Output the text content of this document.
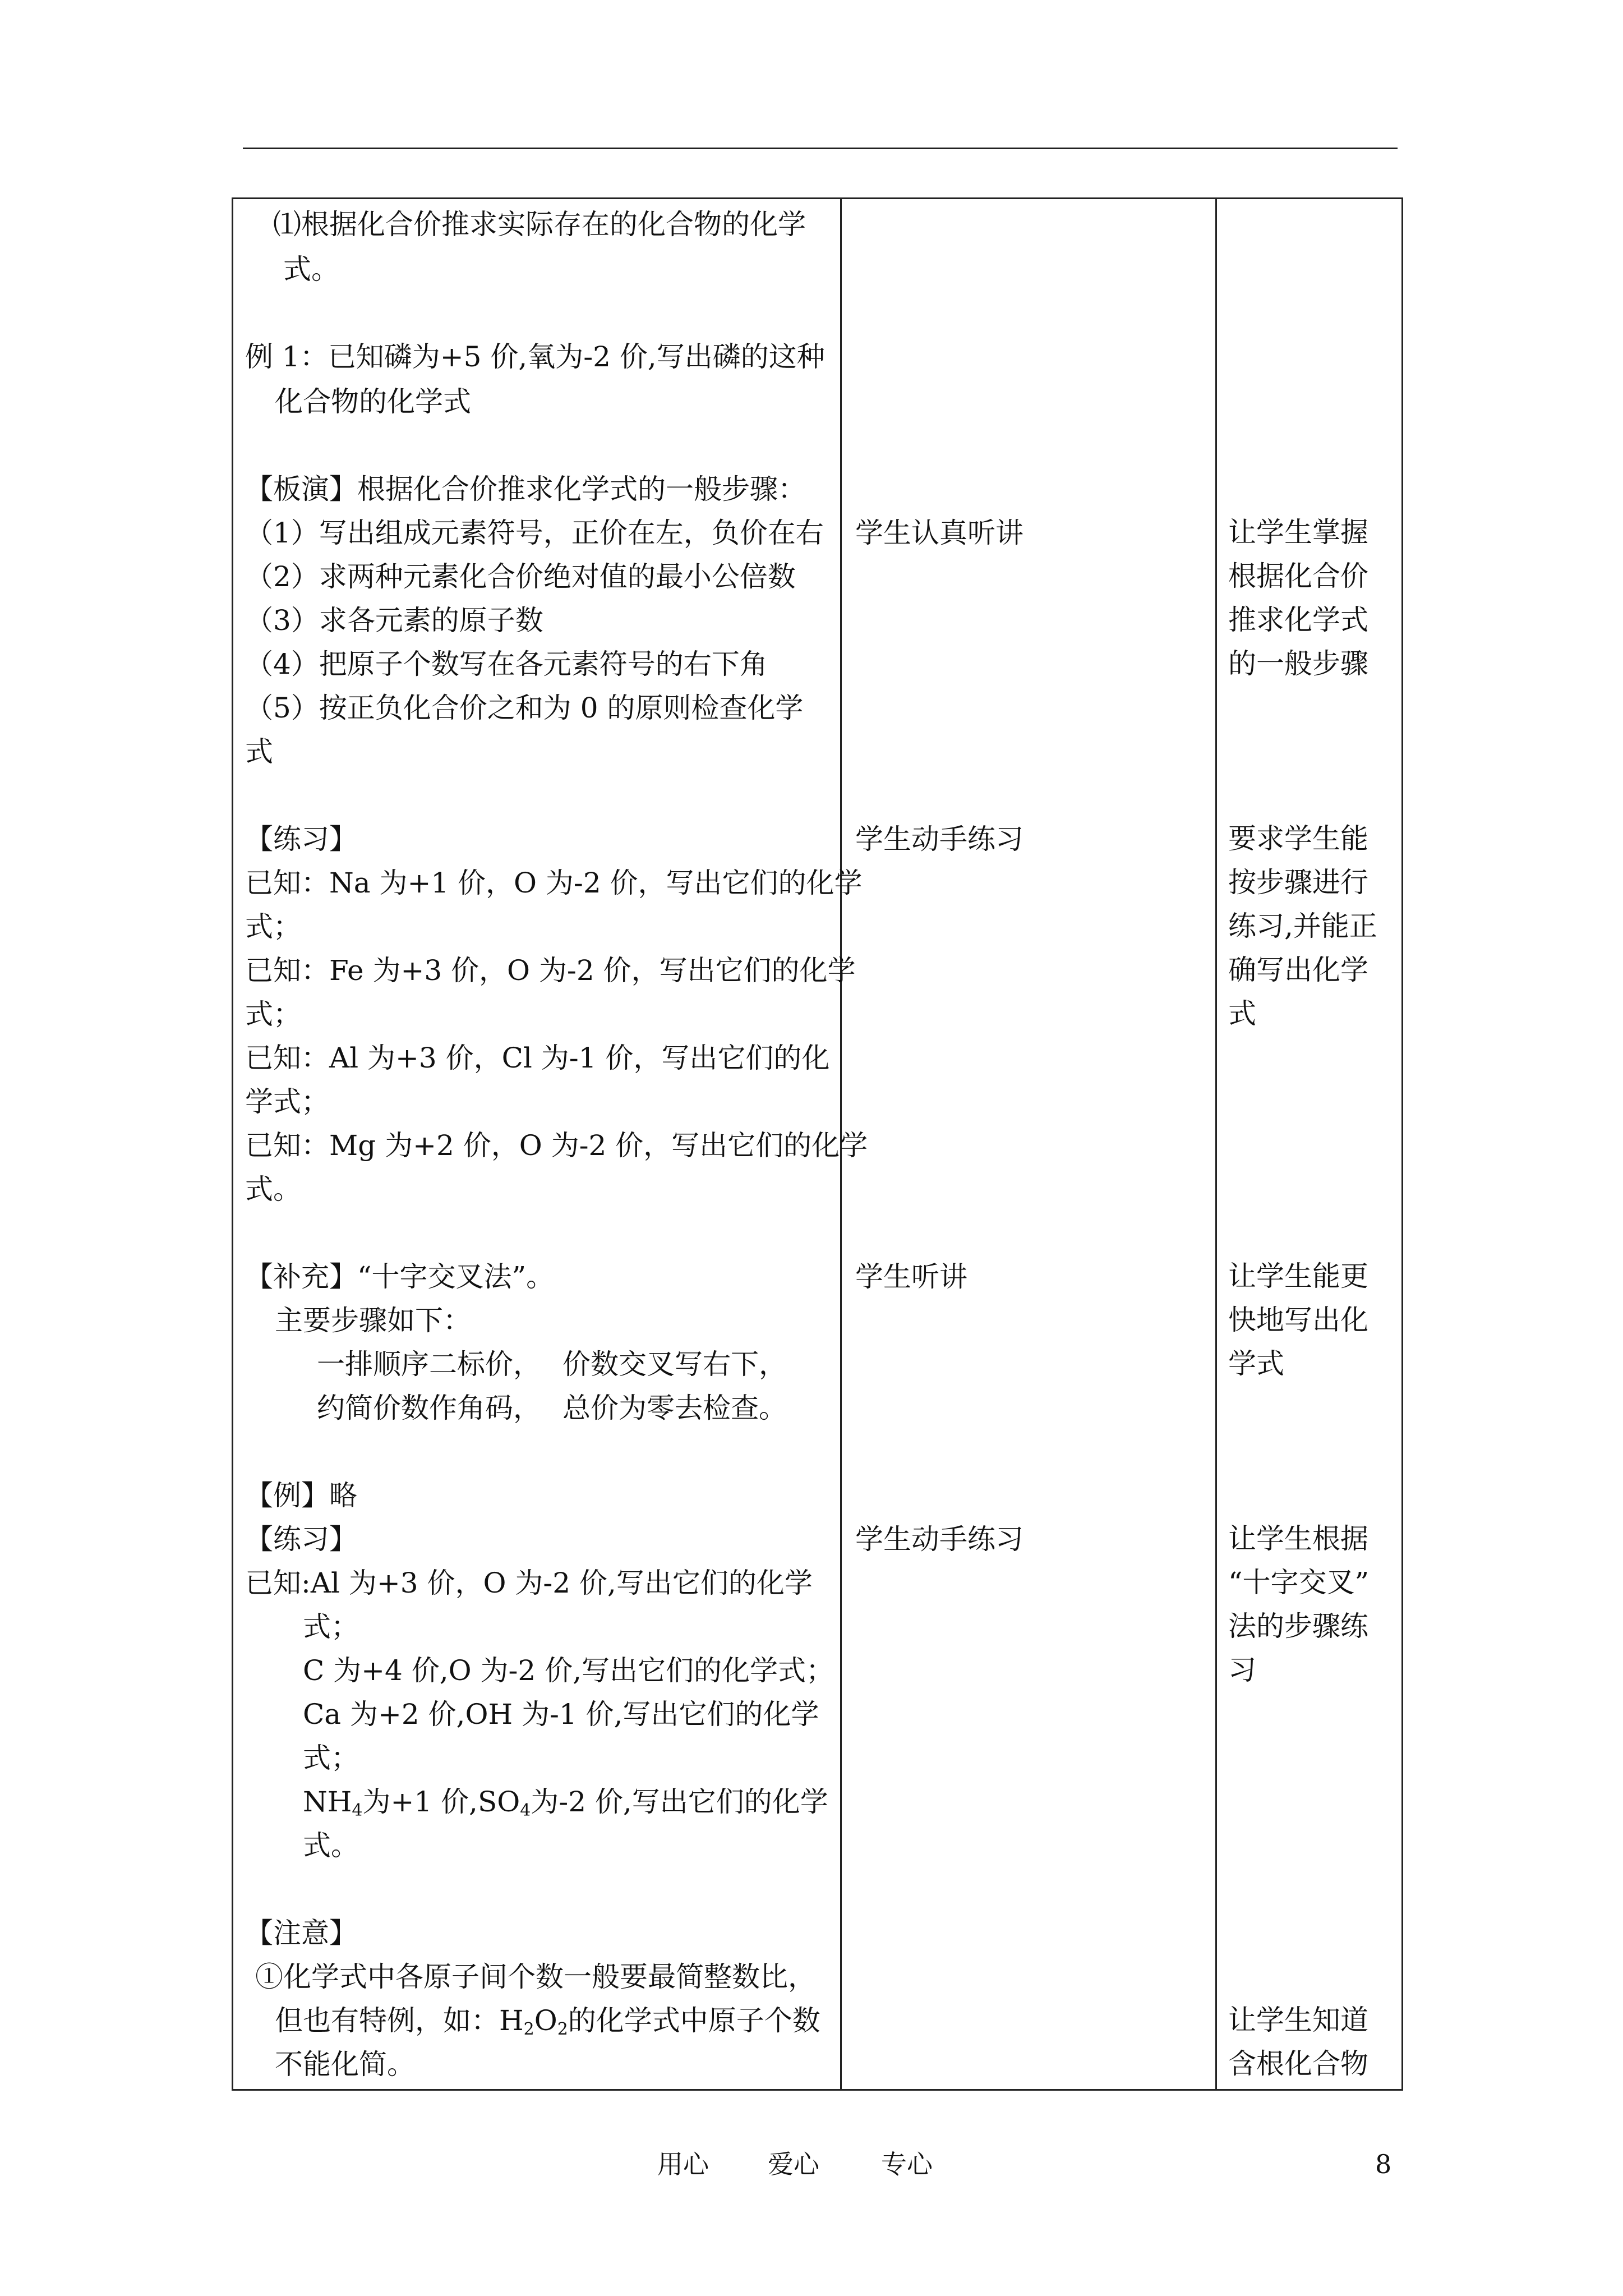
⑴根据化合价推求实际存在的化合物的化学
式。
例 1：已知磷为+5 价,氧为-2 价,写出磷的这种
化合物的化学式
【板演】根据化合价推求化学式的一般步骤：
（1）写出组成元素符号，正价在左，负价在右
（2）求两种元素化合价绝对值的最小公倍数
（3）求各元素的原子数
（4）把原子个数写在各元素符号的右下角
（5）按正负化合价之和为 0 的原则检查化学
式
【练习】
已知：Na 为+1 价，O 为-2 价，写出它们的化学
式；
已知：Fe 为+3 价，O 为-2 价，写出它们的化学
式；
已知：Al 为+3 价，Cl 为-1 价，写出它们的化
学式；
已知：Mg 为+2 价，O 为-2 价，写出它们的化学
式。
【补充】“十字交叉法”。
主要步骤如下：
一排顺序二标价， 价数交叉写右下，
约简价数作角码， 总价为零去检查。
【例】略
【练习】
已知:Al 为+3 价，O 为-2 价,写出它们的化学
式；
C 为+4 价,O 为-2 价,写出它们的化学式；
Ca 为+2 价,OH 为-1 价,写出它们的化学
式；
$NH_4$为+1 价$,SO_4$为-2 价,写出它们的化学
式。
【注意】
①化学式中各原子间个数一般要最简整数比，
但也有特例，如：$H_2O_2$的化学式中原子个数
不能化简。
学生认真听讲
学生动手练习
学生听讲
学生动手练习
让学生掌握
根据化合价
推求化学式
的一般步骤
要求学生能
按步骤进行
练习,并能正
确写出化学
式
让学生能更
快地写出化
学式
让学生根据
“十字交叉”
法的步骤练
习
让学生知道
含根化合物
用心 爱心 专心	8
